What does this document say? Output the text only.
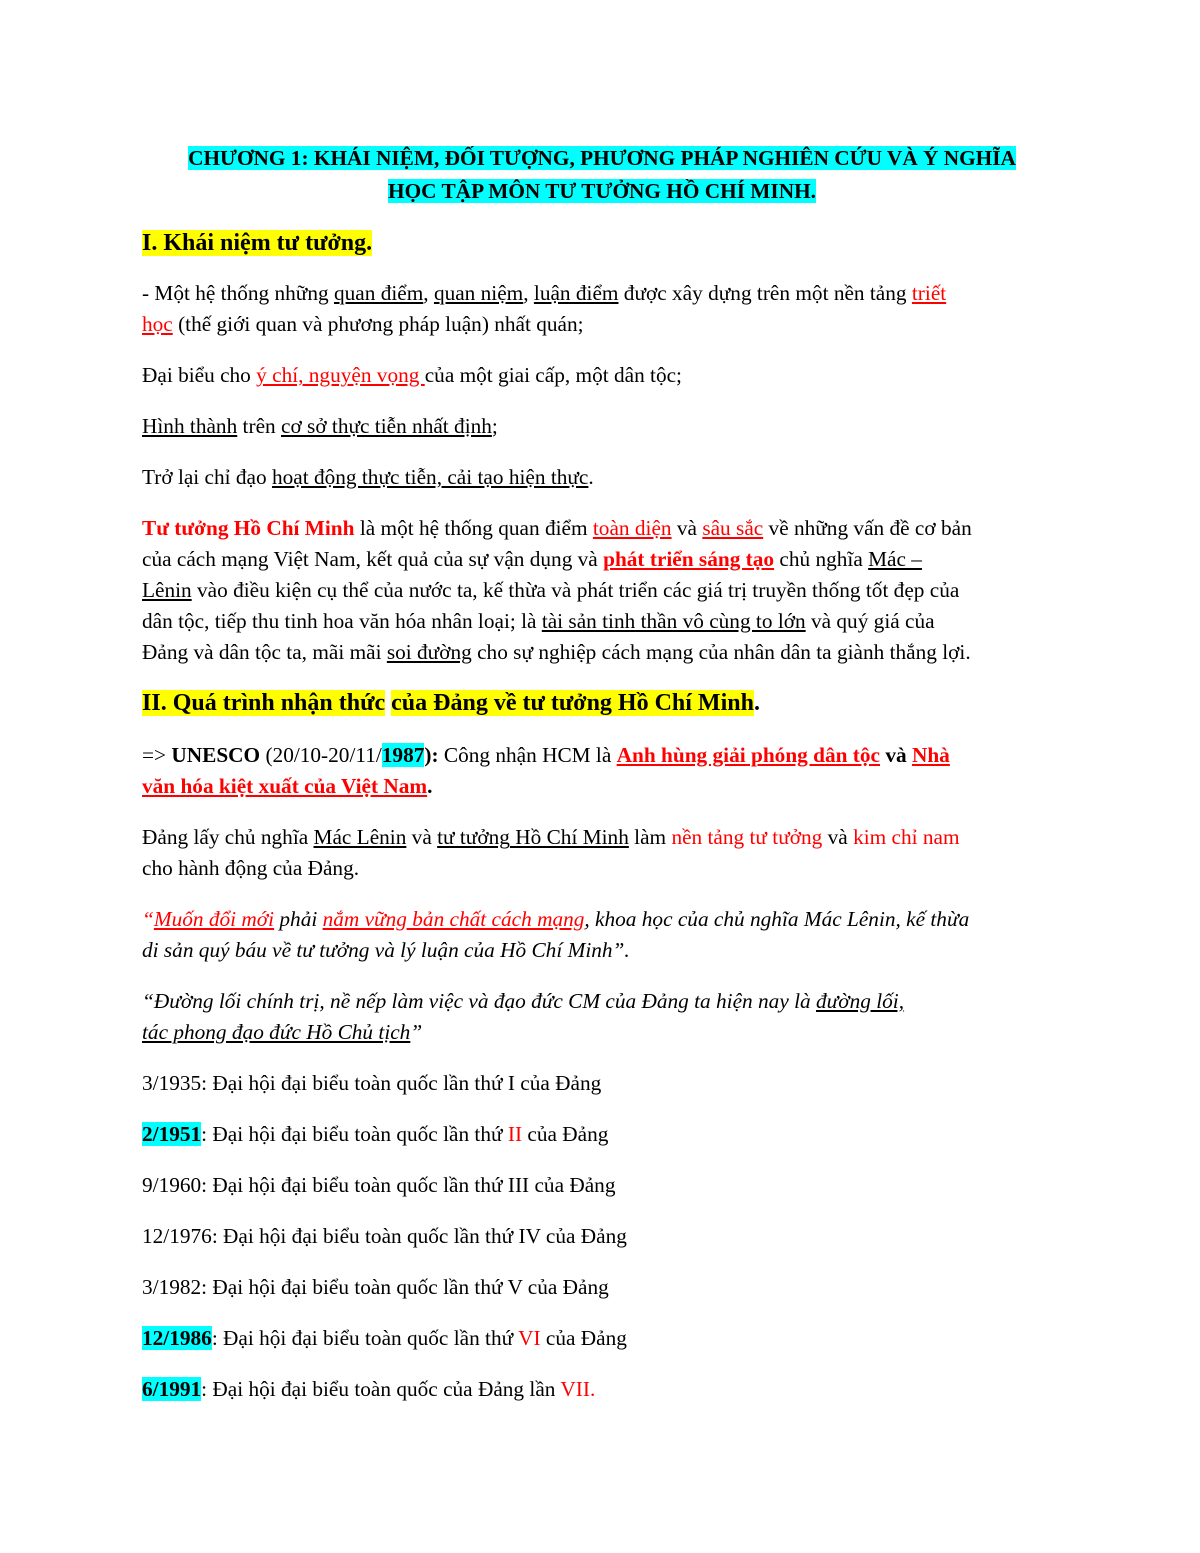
CHƯƠNG 1: KHÁI NIỆM, ĐỐI TƯỢNG, PHƯƠNG PHÁP NGHIÊN CỨU VÀ Ý NGHĨA
HỌC TẬP MÔN TƯ TƯỞNG HỒ CHÍ MINH.
I. Khái niệm tư tưởng.

- Một hệ thống những quan điểm, quan niệm, luận điểm được xây dựng trên một nền tảng triết
học (thế giới quan và phương pháp luận) nhất quán;

Đại biểu cho ý chí, nguyện vọng của một giai cấp, một dân tộc;

Hình thành trên cơ sở thực tiễn nhất định;

Trở lại chỉ đạo hoạt động thực tiễn, cải tạo hiện thực.

Tư tưởng Hồ Chí Minh là một hệ thống quan điểm toàn diện và sâu sắc về những vấn đề cơ bản
của cách mạng Việt Nam, kết quả của sự vận dụng và phát triển sáng tạo chủ nghĩa Mác –
Lênin vào điều kiện cụ thể của nước ta, kế thừa và phát triển các giá trị truyền thống tốt đẹp của
dân tộc, tiếp thu tinh hoa văn hóa nhân loại; là tài sản tinh thần vô cùng to lớn và quý giá của
Đảng và dân tộc ta, mãi mãi soi đường cho sự nghiệp cách mạng của nhân dân ta giành thắng lợi.

II. Quá trình nhận thức của Đảng về tư tưởng Hồ Chí Minh.

=> UNESCO (20/10-20/11/1987): Công nhận HCM là Anh hùng giải phóng dân tộc và Nhà
văn hóa kiệt xuất của Việt Nam.

Đảng lấy chủ nghĩa Mác Lênin và tư tưởng Hồ Chí Minh làm nền tảng tư tưởng và kim chỉ nam
cho hành động của Đảng.

“Muốn đổi mới phải nắm vững bản chất cách mạng, khoa học của chủ nghĩa Mác Lênin, kế thừa
di sản quý báu về tư tưởng và lý luận của Hồ Chí Minh”.

“Đường lối chính trị, nề nếp làm việc và đạo đức CM của Đảng ta hiện nay là đường lối,
tác phong đạo đức Hồ Chủ tịch”

3/1935: Đại hội đại biểu toàn quốc lần thứ I của Đảng

2/1951: Đại hội đại biểu toàn quốc lần thứ II của Đảng

9/1960: Đại hội đại biểu toàn quốc lần thứ III của Đảng

12/1976: Đại hội đại biểu toàn quốc lần thứ IV của Đảng

3/1982: Đại hội đại biểu toàn quốc lần thứ V của Đảng

12/1986: Đại hội đại biểu toàn quốc lần thứ VI của Đảng

6/1991: Đại hội đại biểu toàn quốc của Đảng lần VII.
